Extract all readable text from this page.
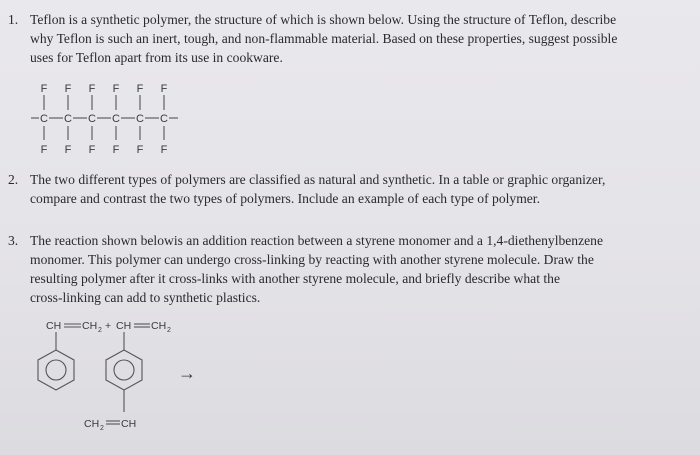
1. Teflon is a synthetic polymer, the structure of which is shown below. Using the structure of Teflon, describe
why Teflon is such an inert, tough, and non-flammable material. Based on these properties, suggest possible
uses for Teflon apart from its use in cookware.
F F F F F F
C C C C C C
F F F F F F
2. The two different types of polymers are classified as natural and synthetic. In a table or graphic organizer,
compare and contrast the two types of polymers. Include an example of each type of polymer.
3. The reaction shown belowis an addition reaction between a styrene monomer and a 1,4-diethenylbenzene
monomer. This polymer can undergo cross-linking by reacting with another styrene molecule. Draw the
resulting polymer after it cross-links with another styrene molecule, and briefly describe what the
cross-linking can add to synthetic plastics.
CH CH 2 + CH CH 2
CH 2 CH
→
